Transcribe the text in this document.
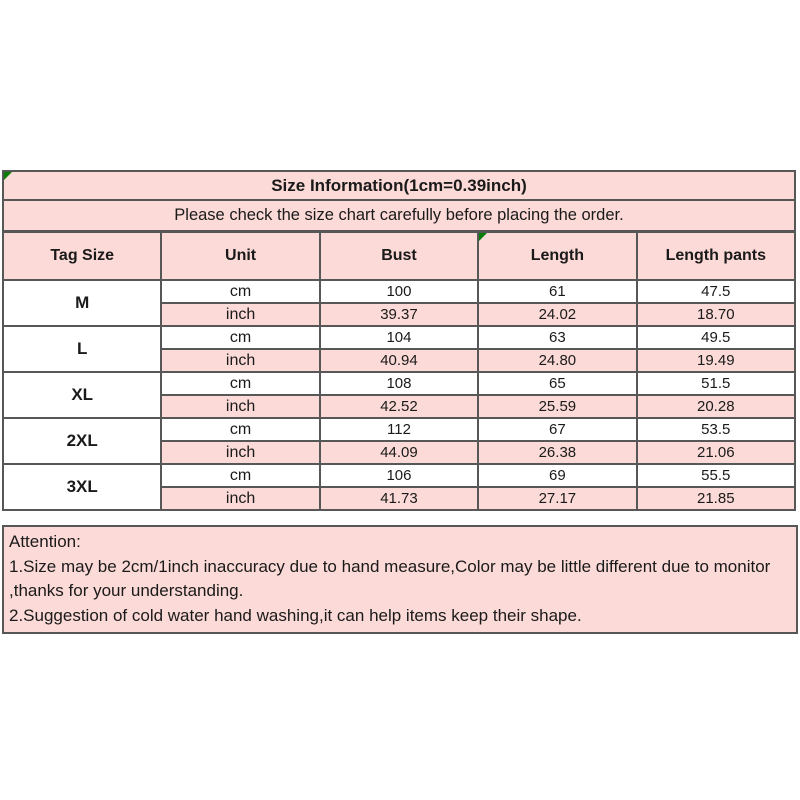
Size Information(1cm=0.39inch)				
Please check the size chart carefully before placing the order.				
Tag Size	Unit	Bust	Length	Length pants
M	cm	100	61	47.5
	inch	39.37	24.02	18.70
L	cm	104	63	49.5
	inch	40.94	24.80	19.49
XL	cm	108	65	51.5
	inch	42.52	25.59	20.28
2XL	cm	112	67	53.5
	inch	44.09	26.38	21.06
3XL	cm	106	69	55.5
	inch	41.73	27.17	21.85
Attention:
1.Size may be 2cm/1inch inaccuracy due to hand measure,Color may be little different due to monitor
,thanks for your understanding.
2.Suggestion of cold water hand washing,it can help items keep their shape.
